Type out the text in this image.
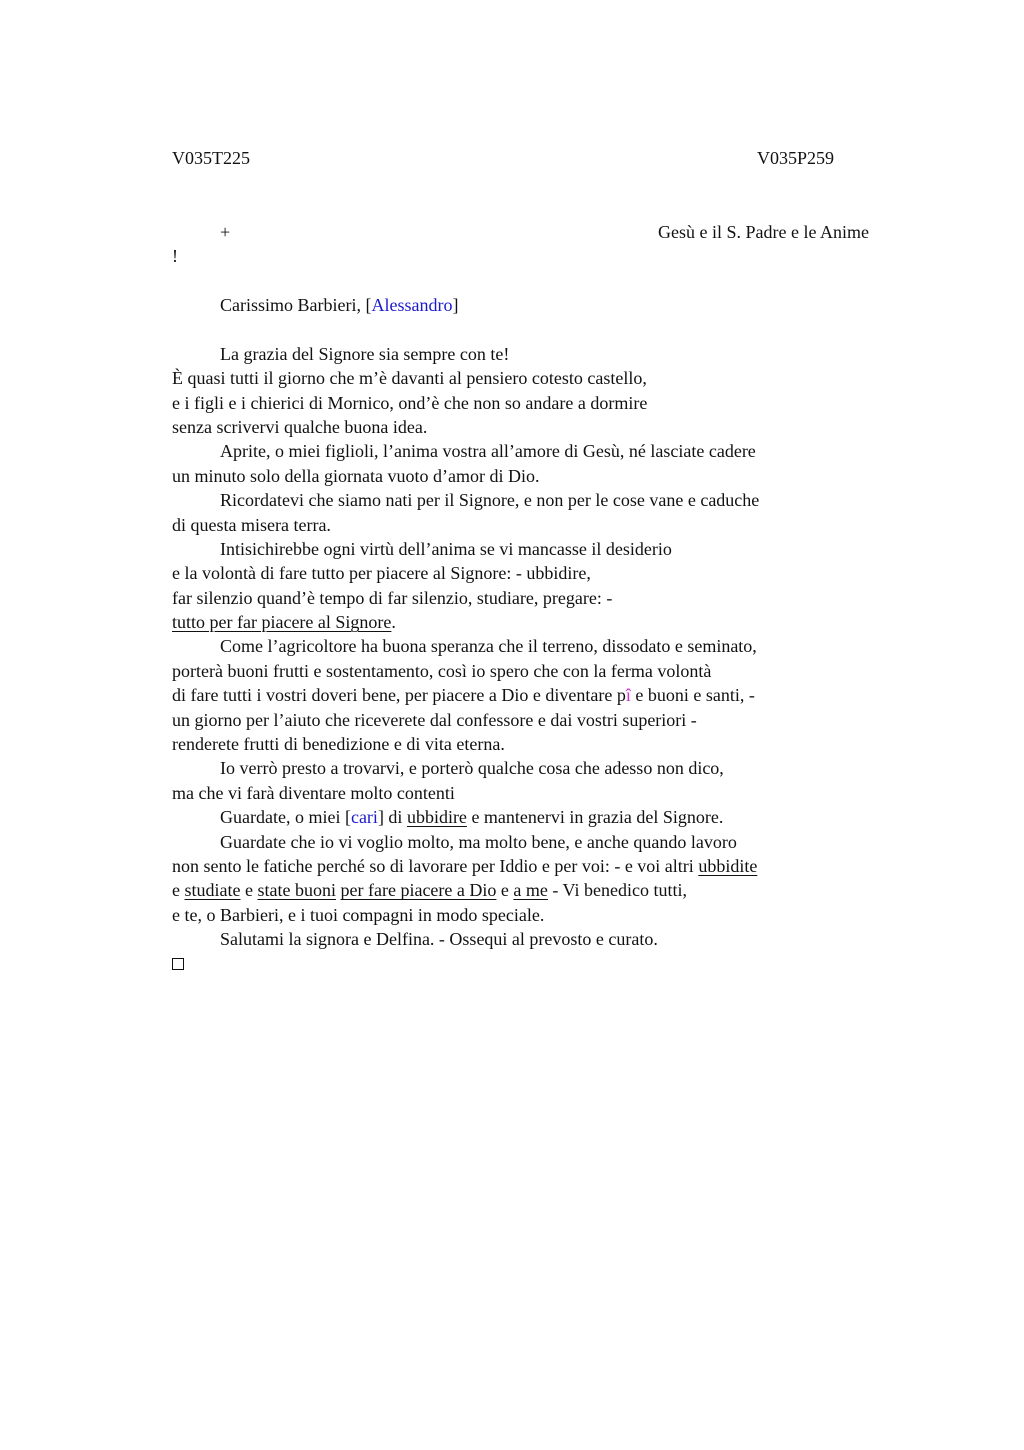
V035T225	V035P259
+	Gesù e il S. Padre e le Anime
!
Carissimo Barbieri, [Alessandro]
La grazia del Signore sia sempre con te!
È quasi tutti il giorno che m’è davanti al pensiero cotesto castello,
e i figli e i chierici di Mornico, ond’è che non so andare a dormire
senza scrivervi qualche buona idea.
Aprite, o miei figlioli, l’anima vostra all’amore di Gesù, né lasciate cadere
un minuto solo della giornata vuoto d’amor di Dio.
Ricordatevi che siamo nati per il Signore, e non per le cose vane e caduche
di questa misera terra.
Intisichirebbe ogni virtù dell’anima se vi mancasse il desiderio
e la volontà di fare tutto per piacere al Signore: - ubbidire,
far silenzio quand’è tempo di far silenzio, studiare, pregare: -
tutto per far piacere al Signore.
Come l’agricoltore ha buona speranza che il terreno, dissodato e seminato,
porterà buoni frutti e sostentamento, così io spero che con la ferma volontà
di fare tutti i vostri doveri bene, per piacere a Dio e diventare pî e buoni e santi, -
un giorno per l’aiuto che riceverete dal confessore e dai vostri superiori -
renderete frutti di benedizione e di vita eterna.
Io verrò presto a trovarvi, e porterò qualche cosa che adesso non dico,
ma che vi farà diventare molto contenti
Guardate, o miei [cari] di ubbidire e mantenervi in grazia del Signore.
Guardate che io vi voglio molto, ma molto bene, e anche quando lavoro
non sento le fatiche perché so di lavorare per Iddio e per voi: - e voi altri ubbidite
e studiate e state buoni per fare piacere a Dio e a me - Vi benedico tutti,
e te, o Barbieri, e i tuoi compagni in modo speciale.
Salutami la signora e Delfina. - Ossequi al prevosto e curato.
